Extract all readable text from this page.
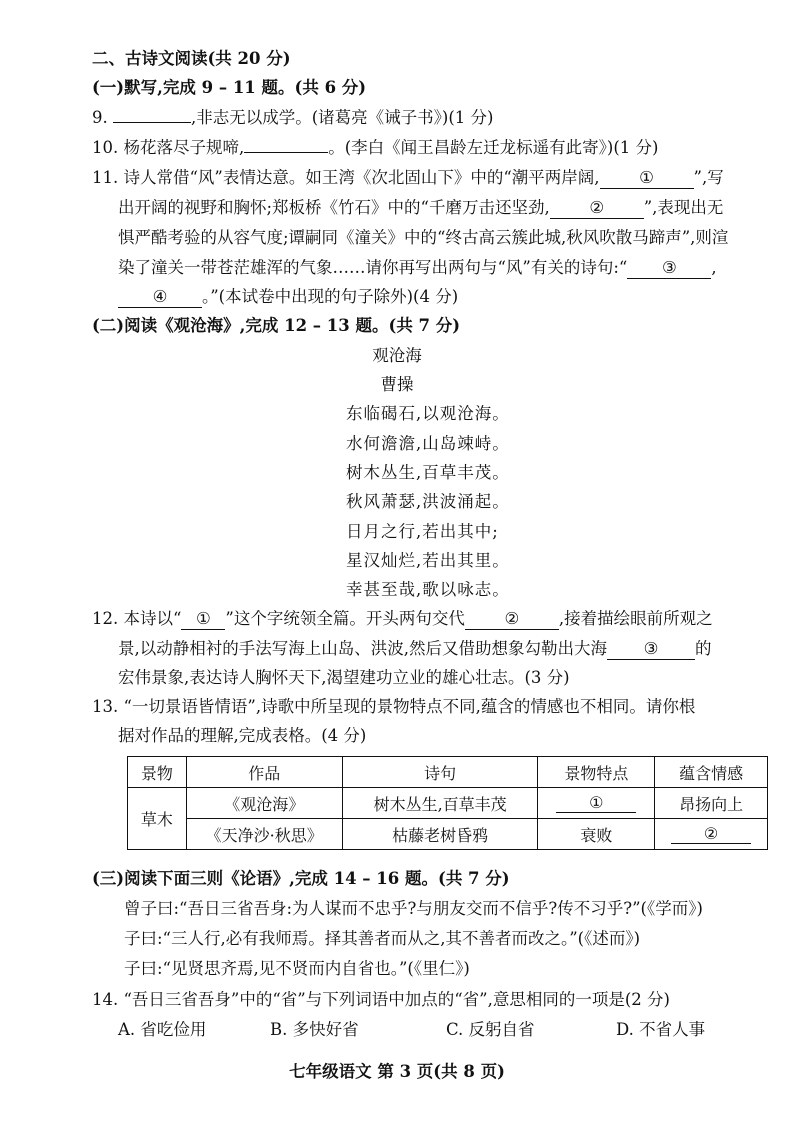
二、古诗文阅读(共 20 分)
(一)默写,完成 9 – 11 题。(共 6 分)
9.	,非志无以成学。(诸葛亮《诫子书》)(1 分)
10. 杨花落尽子规啼,	。(李白《闻王昌龄左迁龙标遥有此寄》)(1 分)
11. 诗人常借“风”表情达意。如王湾《次北固山下》中的“潮平两岸阔, ① ”,写
出开阔的视野和胸怀;郑板桥《竹石》中的“千磨万击还坚劲, ② ”,表现出无
惧严酷考验的从容气度;谭嗣同《潼关》中的“终古高云簇此城,秋风吹散马蹄声”,则渲
染了潼关一带苍茫雄浑的气象……请你再写出两句与“风”有关的诗句:“ ③ ,
④ 。”(本试卷中出现的句子除外)(4 分)
(二)阅读《观沧海》,完成 12 – 13 题。(共 7 分)
观沧海
曹操
东临碣石,以观沧海。
水何澹澹,山岛竦峙。
树木丛生,百草丰茂。
秋风萧瑟,洪波涌起。
日月之行,若出其中;
星汉灿烂,若出其里。
幸甚至哉,歌以咏志。
12. 本诗以“ ① ”这个字统领全篇。开头两句交代 ② ,接着描绘眼前所观之
景,以动静相衬的手法写海上山岛、洪波,然后又借助想象勾勒出大海 ③ 的
宏伟景象,表达诗人胸怀天下,渴望建功立业的雄心壮志。(3 分)
13. “一切景语皆情语”,诗歌中所呈现的景物特点不同,蕴含的情感也不相同。请你根
据对作品的理解,完成表格。(4 分)
景物	作品	诗句	景物特点	蕴含情感
草木	《观沧海》	树木丛生,百草丰茂	①	昂扬向上
	《天净沙·秋思》	枯藤老树昏鸦	衰败	②
(三)阅读下面三则《论语》,完成 14 – 16 题。(共 7 分)
曾子曰:“吾日三省吾身:为人谋而不忠乎?与朋友交而不信乎?传不习乎?”(《学而》)
子曰:“三人行,必有我师焉。择其善者而从之,其不善者而改之。”(《述而》)
子曰:“见贤思齐焉,见不贤而内自省也。”(《里仁》)
14. “吾日三省吾身”中的“省”与下列词语中加点的“省”,意思相同的一项是(2 分)
A. 省吃俭用	B. 多快好省	C. 反躬自省	D. 不省人事
七年级语文 第 3 页(共 8 页)
